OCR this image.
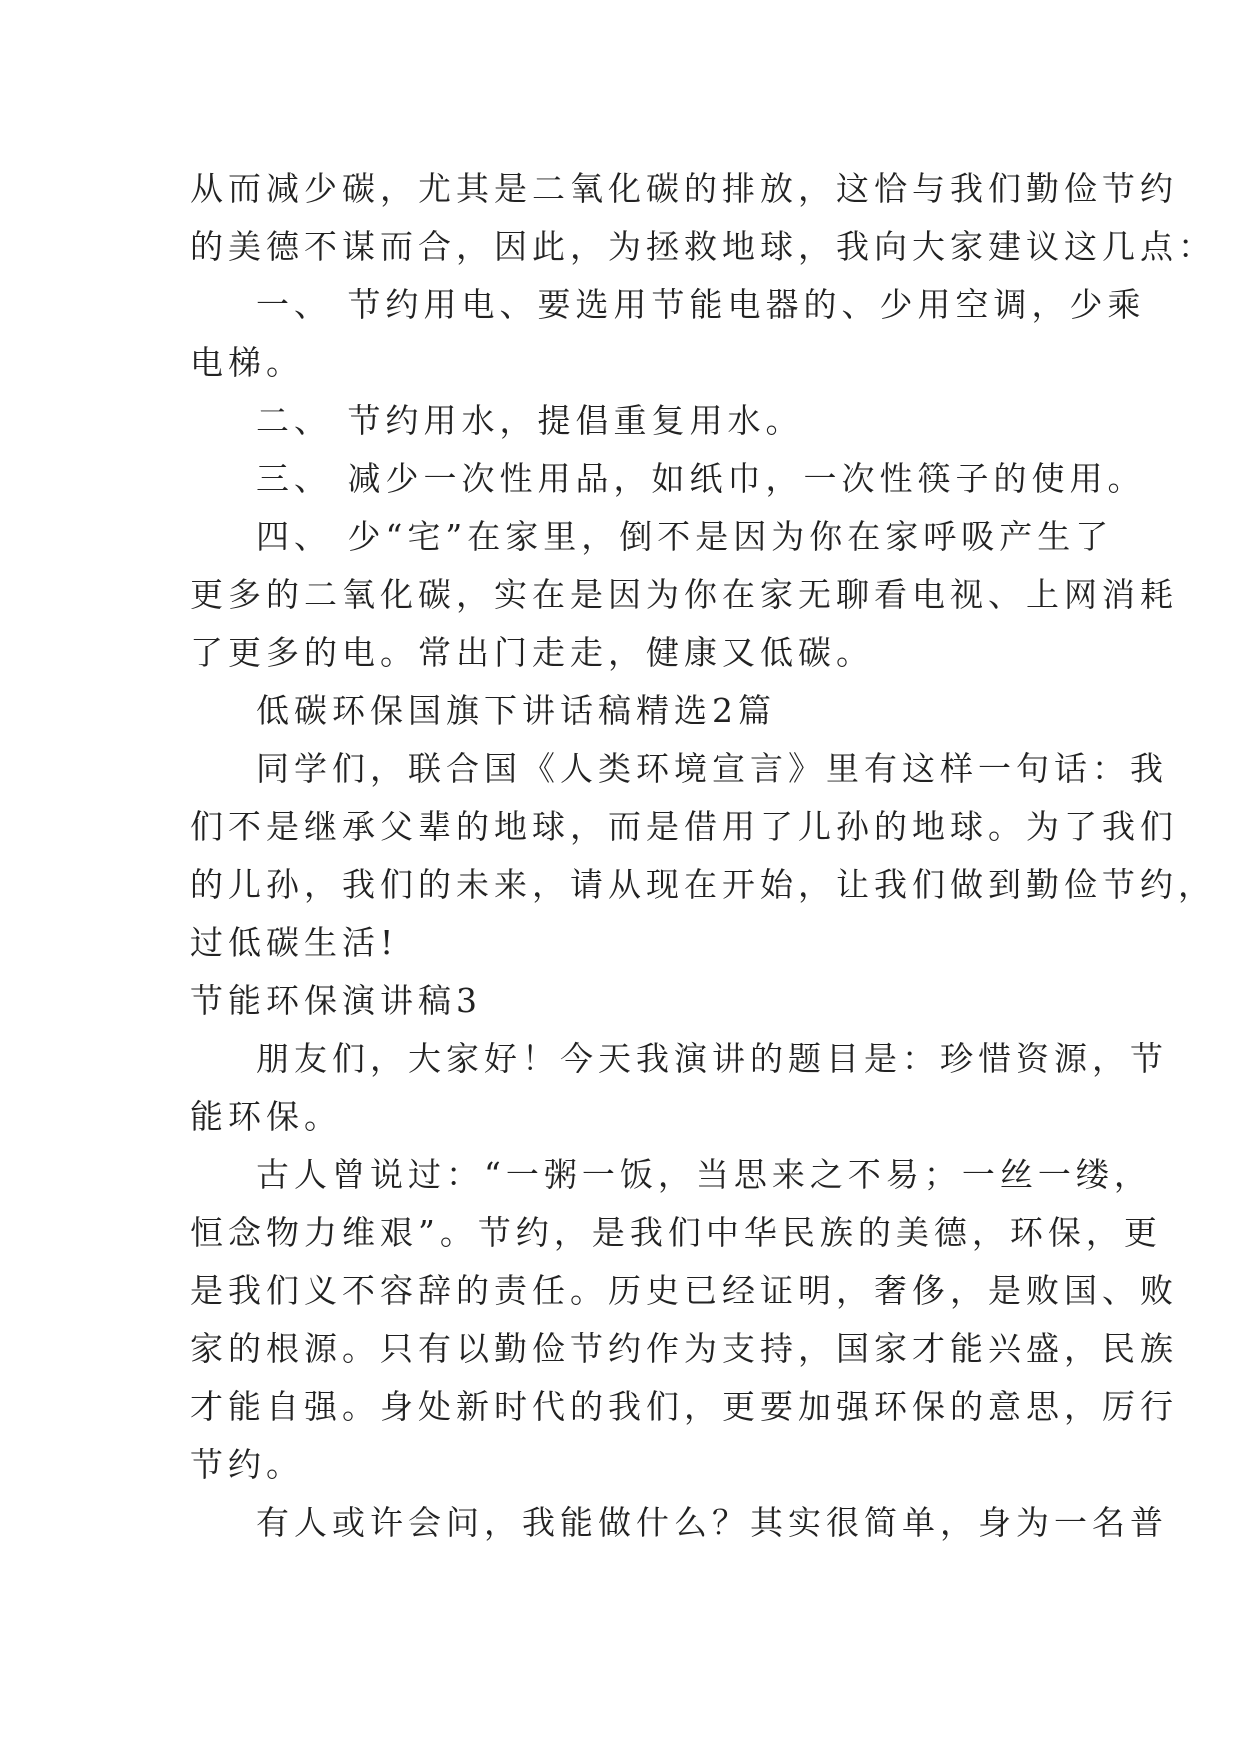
从而减少碳，尤其是二氧化碳的排放，这恰与我们勤俭节约
的美德不谋而合，因此，为拯救地球，我向大家建议这几点：
一、 节约用电、要选用节能电器的、少用空调，少乘
电梯。
二、 节约用水，提倡重复用水。
三、 减少一次性用品，如纸巾，一次性筷子的使用。
四、 少“宅”在家里，倒不是因为你在家呼吸产生了
更多的二氧化碳，实在是因为你在家无聊看电视、上网消耗
了更多的电。常出门走走，健康又低碳。
低碳环保国旗下讲话稿精选2篇
同学们，联合国《人类环境宣言》里有这样一句话：我
们不是继承父辈的地球，而是借用了儿孙的地球。为了我们
的儿孙，我们的未来，请从现在开始，让我们做到勤俭节约，
过低碳生活!
节能环保演讲稿3
朋友们，大家好！今天我演讲的题目是：珍惜资源，节
能环保。
古人曾说过：“一粥一饭，当思来之不易；一丝一缕，
恒念物力维艰”。节约，是我们中华民族的美德，环保，更
是我们义不容辞的责任。历史已经证明，奢侈，是败国、败
家的根源。只有以勤俭节约作为支持，国家才能兴盛，民族
才能自强。身处新时代的我们，更要加强环保的意思，厉行
节约。
有人或许会问，我能做什么？其实很简单，身为一名普
